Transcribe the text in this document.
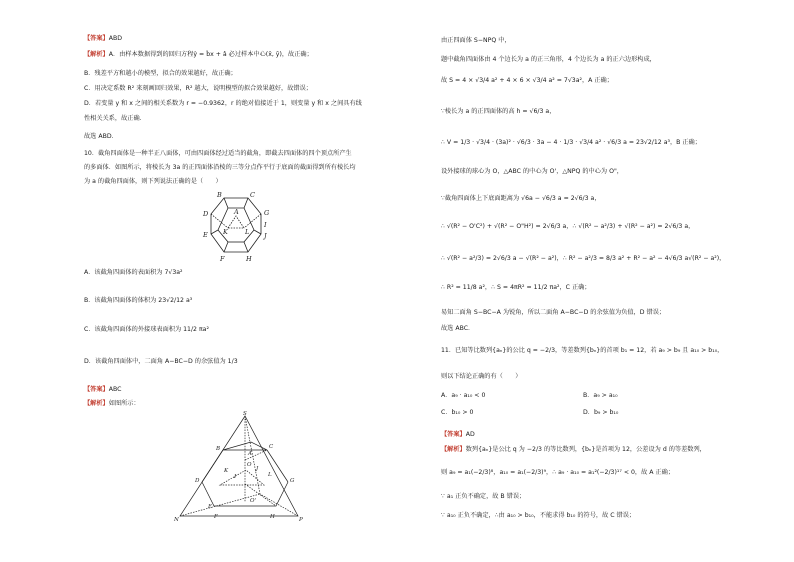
【答案】ABD
【解析】A．由样本数据得到的回归方程ŷ = b̂x + â 必过样本中心(x̄, ȳ)，故正确；
B．残差平方和越小的模型，拟合的效果越好，故正确；
C．用决定系数 R² 来刻画回归效果，R² 越大，说明模型的拟合效果越好，故错误；
D．若变量 y 和 x 之间的相关系数为 r = −0.9362，r 的绝对值接近于 1，则变量 y 和 x 之间具有线
性相关关系，故正确．
故选 ABD．
10．截角四面体是一种半正八面体，可由四面体经过适当的截角，即截去四面体的四个顶点所产生
的多面体．如图所示，将棱长为 3a 的正四面体沿棱的三等分点作平行于底面的截面得到所有棱长均
为 a 的截角四面体，则下列说法正确的是（　　）
B	C
G
A
K	L
D
E
F	H
I
J
A．该截角四面体的表面积为 7√3a²
B．该截角四面体的体积为 23√2/12 a³
C．该截角四面体的外接球表面积为 11/2 πa²
D．该截角四面体中，二面角 A−BC−D 的余弦值为 1/3
【答案】ABC
【解析】如图所示：
S
A
B	C
D
E
F
G
H
I
J
K
L
O
O'
N	P
由正四面体 S−NPQ 中，
题中截角四面体由 4 个边长为 a 的正三角形，4 个边长为 a 的正六边形构成，
故 S = 4 × √3/4 a² + 4 × 6 × √3/4 a² = 7√3a²，A 正确；
∵棱长为 a 的正四面体的高 h = √6/3 a，
∴ V = 1/3 · √3/4 · (3a)² · √6/3 · 3a − 4 · 1/3 · √3/4 a² · √6/3 a = 23√2/12 a³，B 正确；
设外接球的球心为 O，△ABC 的中心为 O'，△NPQ 的中心为 O"，
∵截角四面体上下底面距离为 √6a − √6/3 a = 2√6/3 a，
∴ √(R² − O'C²) + √(R² − O"H²) = 2√6/3 a，∴ √(R² − a²/3) + √(R² − a²) = 2√6/3 a，
∴ √(R² − a²/3) = 2√6/3 a − √(R² − a²)，∴ R² − a²/3 = 8/3 a² + R² − a² − 4√6/3 a√(R² − a²)，
∴ R² = 11/8 a²，∴ S = 4πR² = 11/2 πa²，C 正确；
易知二面角 S−BC−A 为锐角，所以二面角 A−BC−D 的余弦值为负值，D 错误；
故选 ABC．
11．已知等比数列{aₙ}的公比 q = −2/3，等差数列{bₙ}的首项 b₁ = 12，若 a₉ > b₉ 且 a₁₀ > b₁₀，
则以下结论正确的有（　　）
A．a₉ · a₁₀ < 0	B．a₉ > a₁₀
C．b₁₀ > 0	D．b₉ > b₁₀
【答案】AD
【解析】数列{aₙ}是公比 q 为 −2/3 的等比数列，{bₙ}是首项为 12，公差设为 d 的等差数列，
则 a₉ = a₁(−2/3)⁸，a₁₀ = a₁(−2/3)⁹，∴ a₉ · a₁₀ = a₁²(−2/3)¹⁷ < 0，故 A 正确；
∵ a₁ 正负不确定，故 B 错误；
∵ a₁₀ 正负不确定，∴由 a₁₀ > b₁₀，不能求得 b₁₀ 的符号，故 C 错误；
